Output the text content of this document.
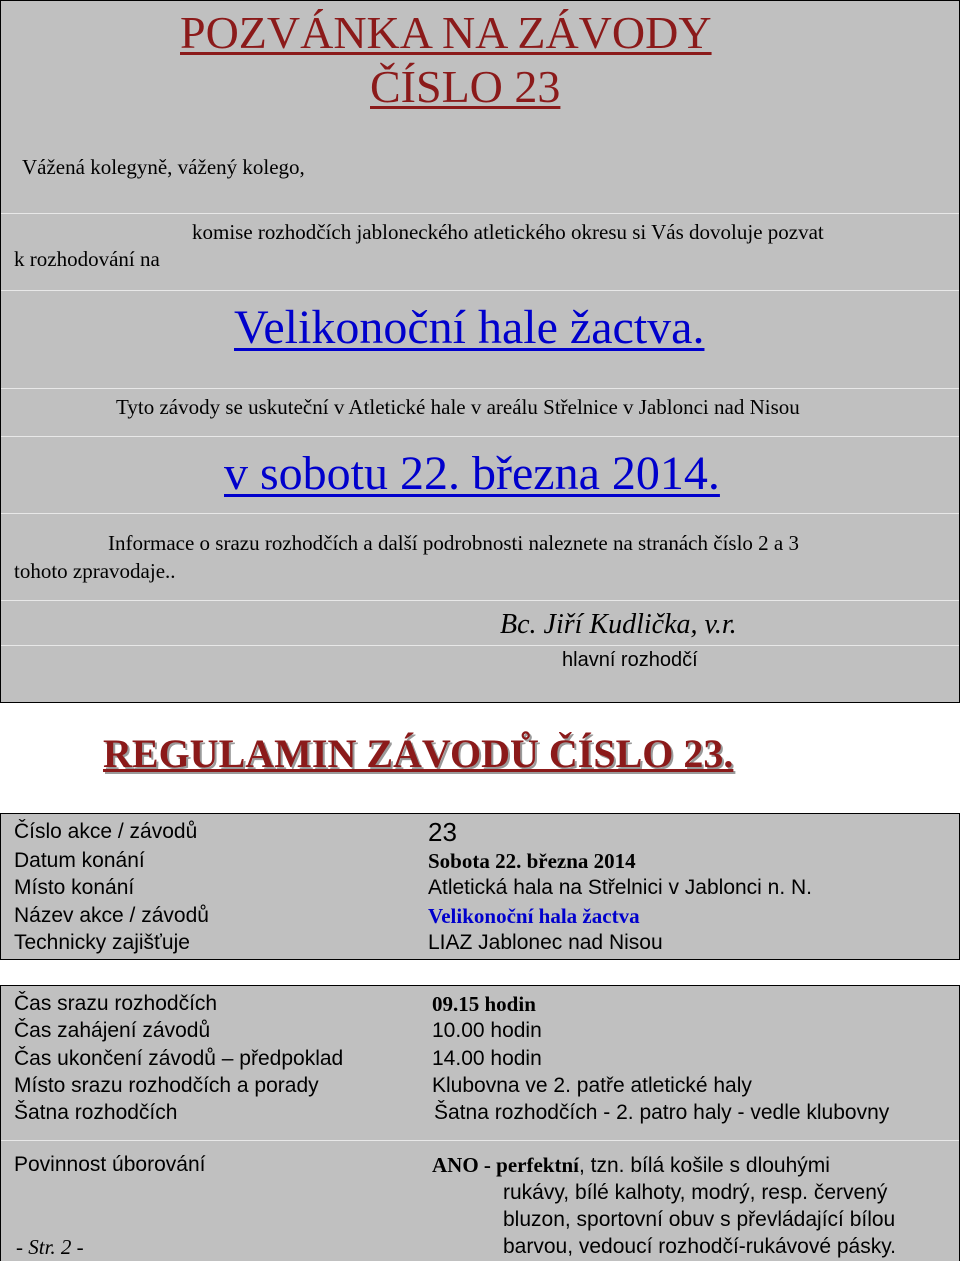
POZVÁNKA NA ZÁVODY
ČÍSLO 23
Vážená kolegyně, vážený kolego,
komise rozhodčích jabloneckého atletického okresu si Vás dovoluje pozvat
k rozhodování na
Velikonoční hale žactva.
Tyto závody se uskuteční v Atletické hale v areálu Střelnice v Jablonci nad Nisou
v sobotu 22. března 2014.
Informace o srazu rozhodčích a další podrobnosti naleznete na stranách číslo 2 a 3
tohoto zpravodaje..
Bc. Jiří Kudlička, v.r.
hlavní rozhodčí
REGULAMIN ZÁVODŮ ČÍSLO 23.
Číslo akce / závodů	23
Datum konání	Sobota 22. března 2014
Místo konání	Atletická hala na Střelnici v Jablonci n. N.
Název akce / závodů	Velikonoční hala žactva
Technicky zajišťuje	LIAZ Jablonec nad Nisou
Čas srazu rozhodčích	09.15 hodin
Čas zahájení závodů	10.00 hodin
Čas ukončení závodů – předpoklad	14.00 hodin
Místo srazu rozhodčích a porady	Klubovna ve 2. patře atletické haly
Šatna rozhodčích	Šatna rozhodčích - 2. patro haly - vedle klubovny
Povinnost úborování	ANO - perfektní, tzn. bílá košile s dlouhými
rukávy, bílé kalhoty, modrý, resp. červený
bluzon, sportovní obuv s převládající bílou
barvou, vedoucí rozhodčí-rukávové pásky.
- Str. 2 -
